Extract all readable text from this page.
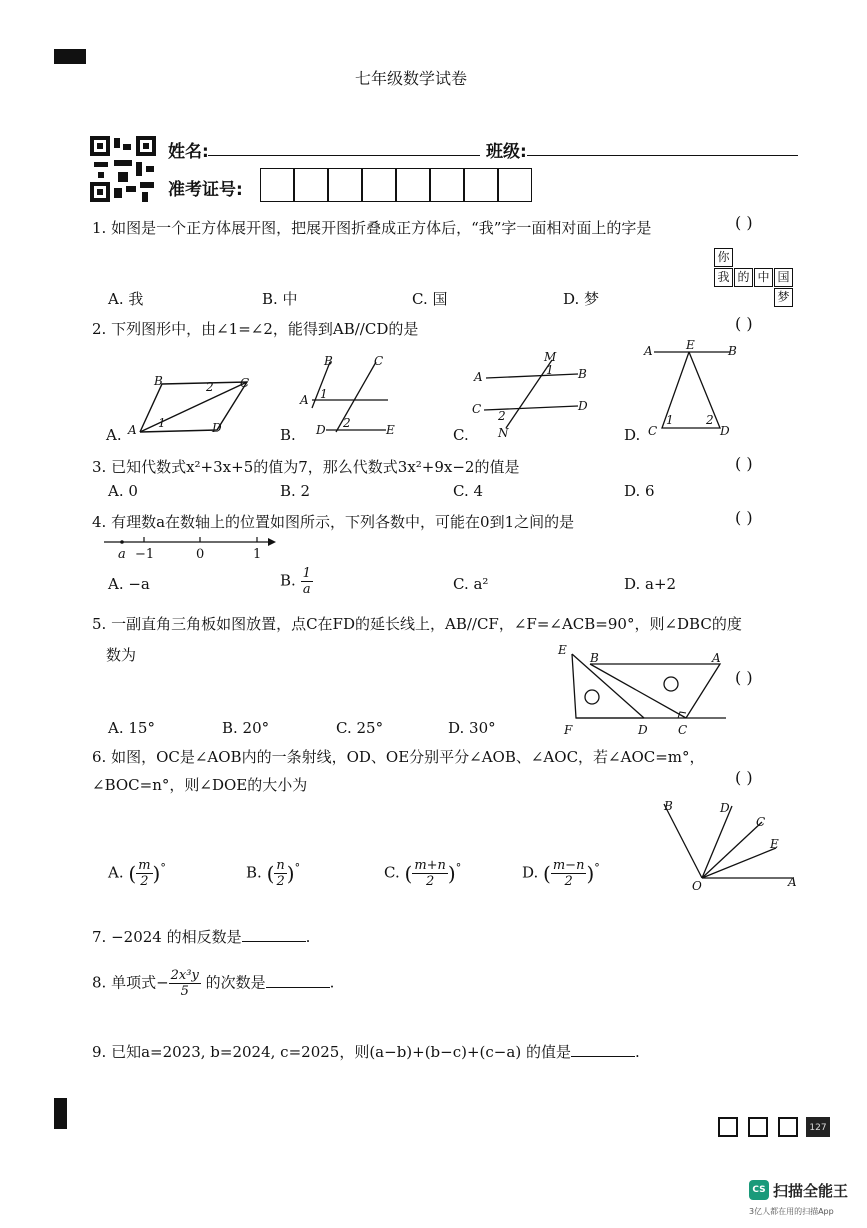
七年级数学试卷
姓名:	班级:
准考证号:
1. 如图是一个正方体展开图，把展开图折叠成正方体后，“我”字一面相对面上的字是	( )
你
我 的 中 国
梦
A. 我	B. 中	C. 国	D. 梦
2. 下列图形中，由∠1=∠2，能得到AB//CD的是	( )
B	C
A	D
2
1
A.
B	C
A 1
D 2	E
B.
M
A	1 B
C 2
D
N
C.
A	E	B
C
1	2
D
D.
3. 已知代数式x²+3x+5的值为7，那么代数式3x²+9x−2的值是	( )
A. 0	B. 2	C. 4	D. 6
4. 有理数a在数轴上的位置如图所示，下列各数中，可能在0到1之间的是	( )
a −1	0	1
A. −a	B. $\frac{1}{a}$	C. a²	D. a+2
5. 一副直角三角板如图放置，点C在FD的延长线上，AB//CF，∠F=∠ACB=90°，则∠DBC的度
数为
( )
E
B	A
F	D	C
A. 15°	B. 20°	C. 25°	D. 30°
6. 如图，OC是∠AOB内的一条射线，OD、OE分别平分∠AOB、∠AOC，若∠AOC=m°，
∠BOC=n°，则∠DOE的大小为	( )
B	D
C
E
O	A
A. ( $\frac{m}{2} )^\circ$	B. ( $\frac{n}{2} )^\circ$	C. ( $\frac{m+n}{2} )^\circ$	D. ( $\frac{m-n}{2} )^\circ$
7. −2024 的相反数是	.
8. 单项式− $\frac{\text{2x³y}}{5}$ 的次数是	.
9. 已知a=2023, b=2024, c=2025，则(a−b)+(b−c)+(c−a) 的值是	.
127
CS 扫描全能王
3亿人都在用的扫描App
